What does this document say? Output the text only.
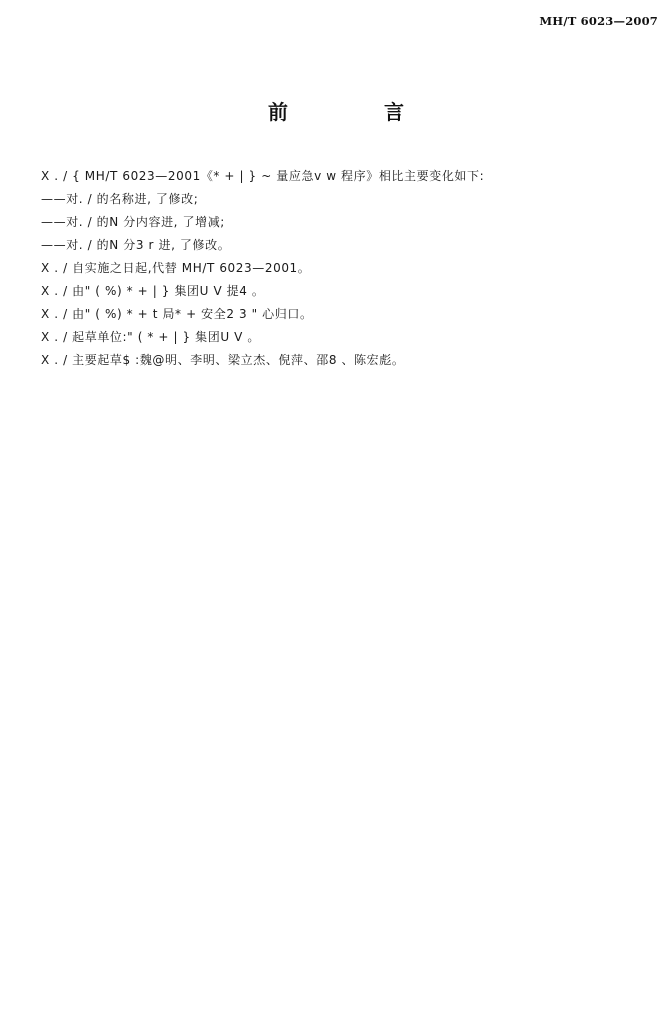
MH/T 6023—2007
前　言
X . / { MH/T 6023—2001《* + | } ~ 量应急v w 程序》相比主要变化如下:
——对. / 的名称进, 了修改;
——对. / 的N 分内容进, 了增减;
——对. / 的N 分3 r 进, 了修改。
X . / 自实施之日起,代替 MH/T 6023—2001。
X . / 由" ( %) * + | } 集团U V 提4 。
X . / 由" ( %) * + t 局* + 安全2 3 " 心归口。
X . / 起草单位:" ( * + | } 集团U V 。
X . / 主要起草$ :魏@明、李明、梁立杰、倪萍、邵8 、陈宏彪。
